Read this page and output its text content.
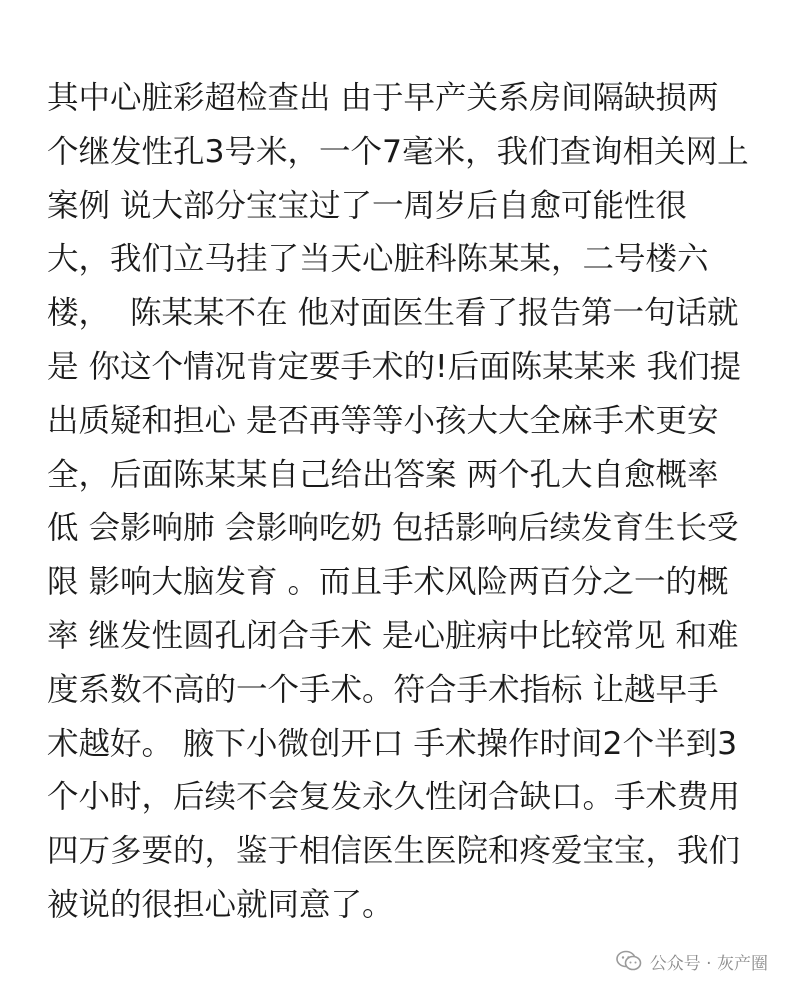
其中心脏彩超检查出 由于早产关系房间隔缺损两
个继发性孔3号米，一个7毫米，我们查询相关网上
案例 说大部分宝宝过了一周岁后自愈可能性很
大，我们立马挂了当天心脏科陈某某，二号楼六
楼，  陈某某不在 他对面医生看了报告第一句话就
是 你这个情况肯定要手术的!后面陈某某来 我们提
出质疑和担心 是否再等等小孩大大全麻手术更安
全，后面陈某某自己给出答案 两个孔大自愈概率
低 会影响肺 会影响吃奶 包括影响后续发育生长受
限 影响大脑发育 。而且手术风险两百分之一的概
率 继发性圆孔闭合手术 是心脏病中比较常见 和难
度系数不高的一个手术。符合手术指标 让越早手
术越好。 腋下小微创开口 手术操作时间2个半到3
个小时，后续不会复发永久性闭合缺口。手术费用
四万多要的，鉴于相信医生医院和疼爱宝宝，我们
被说的很担心就同意了。
公众号 · 灰产圈
